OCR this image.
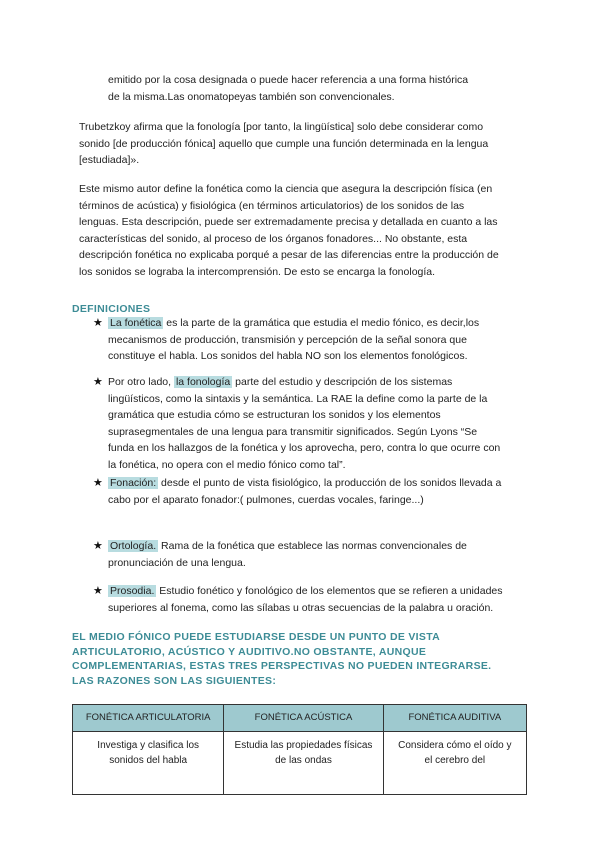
emitido por la cosa designada o puede hacer referencia a una forma histórica de la misma.Las onomatopeyas también son convencionales.
Trubetzkoy afirma que la fonología [por tanto, la lingüística] solo debe considerar como sonido [de producción fónica] aquello que cumple una función determinada en la lengua [estudiada]».
Este mismo autor define la fonética como la ciencia que asegura la descripción física (en términos de acústica) y fisiológica (en términos articulatorios) de los sonidos de las lenguas. Esta descripción, puede ser extremadamente precisa y detallada en cuanto a las características del sonido, al proceso de los órganos fonadores... No obstante, esta descripción fonética no explicaba porqué a pesar de las diferencias entre la producción de los sonidos se lograba la intercomprensión. De esto se encarga la fonología.
DEFINICIONES
★ La fonética es la parte de la gramática que estudia el medio fónico, es decir,los mecanismos de producción, transmisión y percepción de la señal sonora que constituye el habla. Los sonidos del habla NO son los elementos fonológicos.
★ Por otro lado, la fonología parte del estudio y descripción de los sistemas lingüísticos, como la sintaxis y la semántica. La RAE la define como la parte de la gramática que estudia cómo se estructuran los sonidos y los elementos suprasegmentales de una lengua para transmitir significados. Según Lyons “Se funda en los hallazgos de la fonética y los aprovecha, pero, contra lo que ocurre con la fonética, no opera con el medio fónico como tal”.
★ Fonación: desde el punto de vista fisiológico, la producción de los sonidos llevada a cabo por el aparato fonador:( pulmones, cuerdas vocales, faringe...)
★ Ortología. Rama de la fonética que establece las normas convencionales de pronunciación de una lengua.
★ Prosodia. Estudio fonético y fonológico de los elementos que se refieren a unidades superiores al fonema, como las sílabas u otras secuencias de la palabra u oración.
EL MEDIO FÓNICO PUEDE ESTUDIARSE DESDE UN PUNTO DE VISTA ARTICULATORIO, ACÚSTICO Y AUDITIVO.NO OBSTANTE, AUNQUE COMPLEMENTARIAS, ESTAS TRES PERSPECTIVAS NO PUEDEN INTEGRARSE. LAS RAZONES SON LAS SIGUIENTES:
FONÉTICA ARTICULATORIA	FONÉTICA ACÚSTICA	FONÉTICA AUDITIVA
Investiga y clasifica los sonidos del habla	Estudia las propiedades físicas de las ondas	Considera cómo el oído y el cerebro del
